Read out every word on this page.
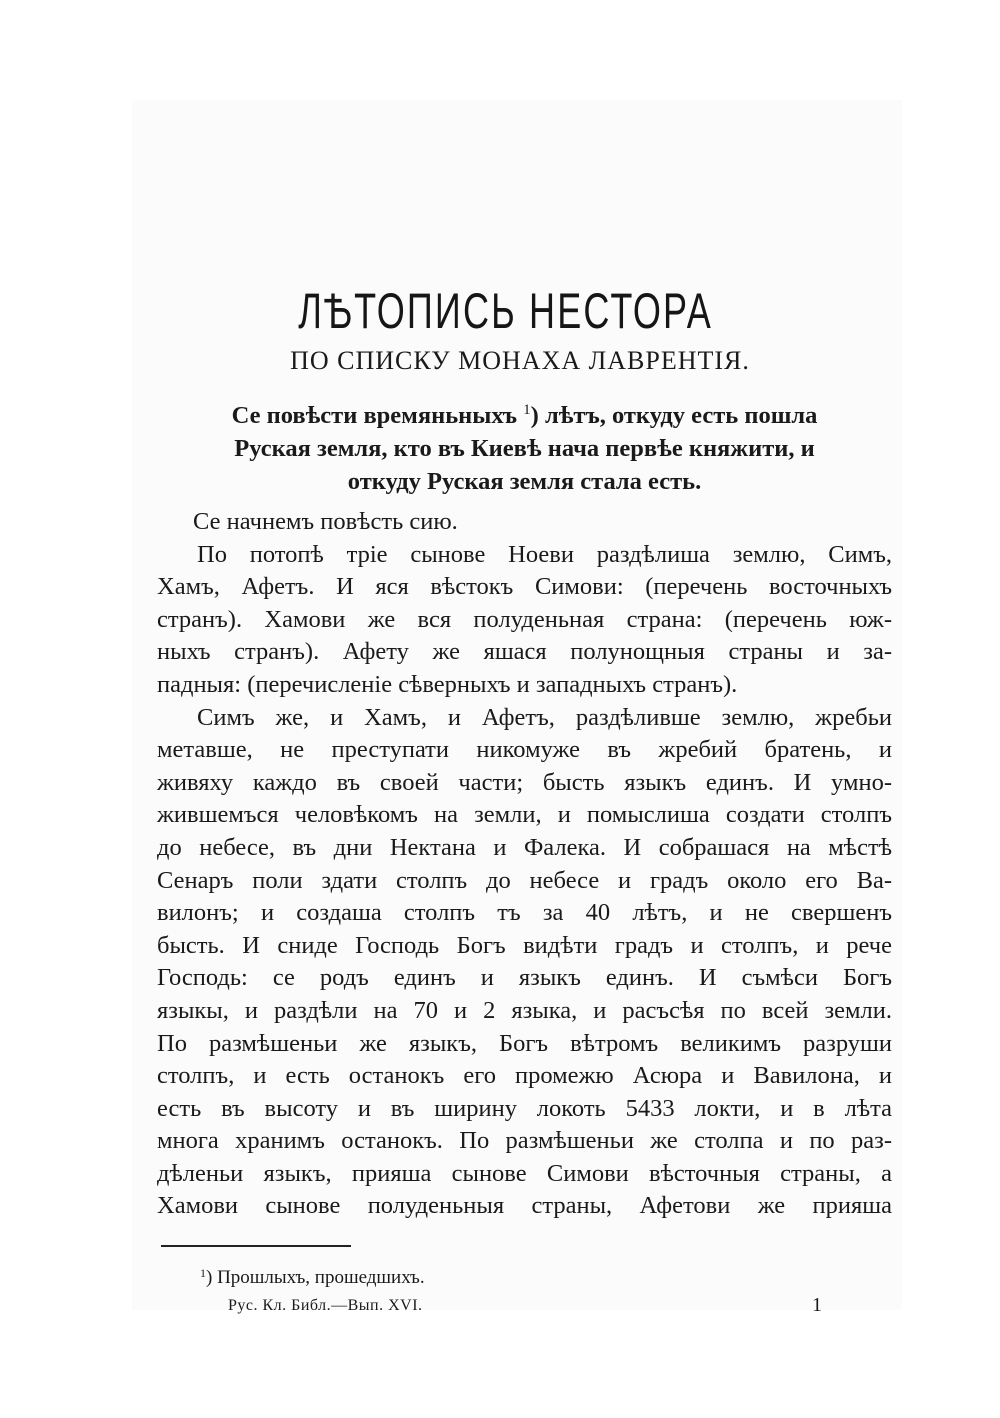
ЛѢТОПИСЬ НЕСТОРА
ПО СПИСКУ МОНАХА ЛАВРЕНТІЯ.
Се повѣсти времяньныхъ $^1$) лѣтъ, откуду есть пошла
Руская земля, кто въ Киевѣ нача первѣе княжити, и
откуду Руская земля стала есть.
Се начнемъ повѣсть сию.
По потопѣ тріе сынове Ноеви раздѣлиша землю, Симъ,
Хамъ, Афетъ. И яся вѣстокъ Симови: (перечень восточныхъ
странъ). Хамови же вся полуденьная страна: (перечень юж-
ныхъ странъ). Афету же яшася полунощныя страны и за-
падныя: (перечисленіе сѣверныхъ и западныхъ странъ).
Симъ же, и Хамъ, и Афетъ, раздѣливше землю, жребьи
метавше, не преступати никомуже въ жребий братень, и
живяху каждо въ своей части; бысть языкъ единъ. И умно-
жившемъся человѣкомъ на земли, и помыслиша создати столпъ
до небесе, въ дни Нектана и Фалека. И собрашася на мѣстѣ
Сенаръ поли здати столпъ до небесе и градъ около его Ва-
вилонъ; и создаша столпъ тъ за 40 лѣтъ, и не свершенъ
бысть. И сниде Господь Богъ видѣти градъ и столпъ, и рече
Господь: се родъ единъ и языкъ единъ. И съмѣси Богъ
языкы, и раздѣли на 70 и 2 языка, и расъсѣя по всей земли.
По размѣшеньи же языкъ, Богъ вѣтромъ великимъ разруши
столпъ, и есть останокъ его промежю Асюра и Вавилона, и
есть въ высоту и въ ширину локоть 5433 локти, и в лѣта
многа хранимъ останокъ. По размѣшеньи же столпа и по раз-
дѣленьи языкъ, прияша сынове Симови вѣсточныя страны, а
Хамови сынове полуденьныя страны, Афетови же прияша
$^1$) Прошлыхъ, прошедшихъ.
Рус. Кл. Библ.—Вып. XVI.	1
